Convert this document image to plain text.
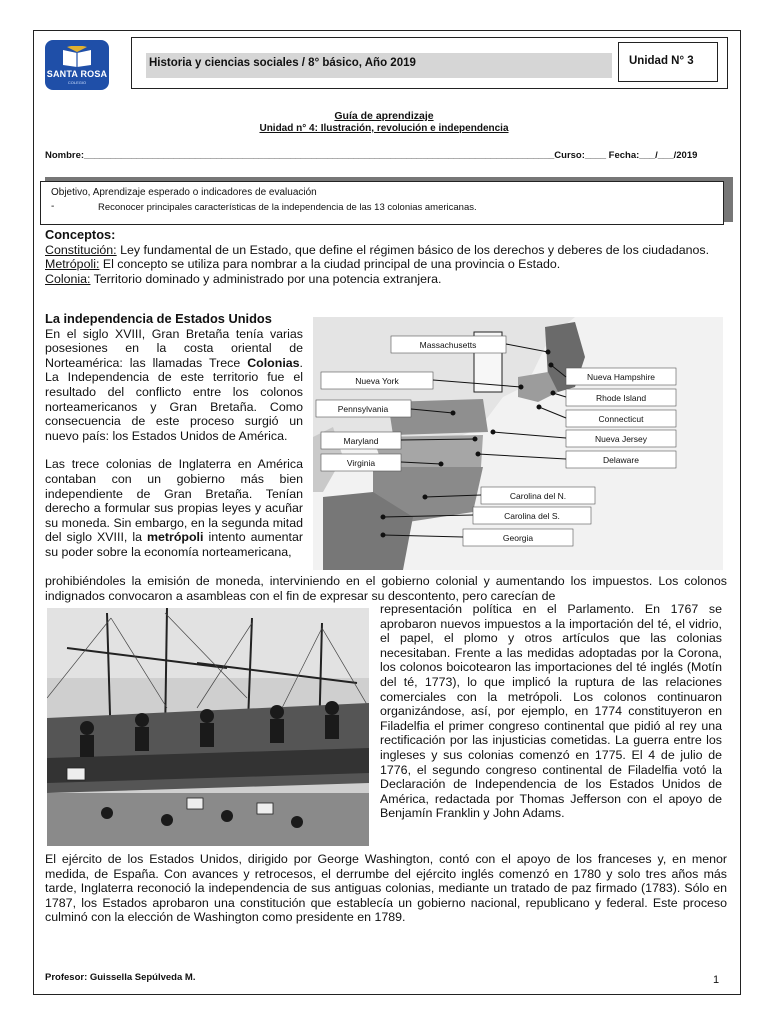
SANTA ROSA
COLEGIO
Historia y ciencias sociales / 8° básico, Año 2019	Unidad N° 3
Guía de aprendizaje
Unidad n° 4: Ilustración, revolución e independencia
Nombre:_________________________________________________________________________________________Curso:____ Fecha:___/___/2019
Objetivo, Aprendizaje esperado o indicadores de evaluación
-	Reconocer principales características de la independencia de las 13 colonias americanas.
Conceptos:
Constitución: Ley fundamental de un Estado, que define el régimen básico de los derechos y deberes de los ciudadanos.
Metrópoli: El concepto se utiliza para nombrar a la ciudad principal de una provincia o Estado.
Colonia: Territorio dominado y administrado por una potencia extranjera.
La independencia de Estados Unidos

En el siglo XVIII, Gran Bretaña tenía varias posesiones en la costa oriental de Norteamérica: las llamadas Trece Colonias. La Independencia de este territorio fue el resultado del conflicto entre los colonos norteamericanos y Gran Bretaña. Como consecuencia de este proceso surgió un nuevo país: los Estados Unidos de América.

Las trece colonias de Inglaterra en América contaban con un gobierno más bien independiente de Gran Bretaña. Tenían derecho a formular sus propias leyes y acuñar su moneda. Sin embargo, en la segunda mitad del siglo XVIII, la metrópoli intento aumentar su poder sobre la economía norteamericana,

Massachusetts
Nueva York	Nueva Hampshire
Rhode Island
Pennsylvania
Connecticut
Maryland	Nueva Jersey
Virginia	Delaware
Carolina del N.
Carolina del S.
Georgia
prohibiéndoles la emisión de moneda, interviniendo en el gobierno colonial y aumentando los impuestos. Los colonos indignados convocaron a asambleas con el fin de expresar su descontento, pero carecían de
representación política en el Parlamento. En 1767 se aprobaron nuevos impuestos a la importación del té, el vidrio, el papel, el plomo y otros artículos que las colonias necesitaban. Frente a las medidas adoptadas por la Corona, los colonos boicotearon las importaciones del té inglés (Motín del té, 1773), lo que implicó la ruptura de las relaciones comerciales con la metrópoli. Los colonos continuaron organizándose, así, por ejemplo, en 1774 constituyeron en Filadelfia el primer congreso continental que pidió al rey una rectificación por las injusticias cometidas. La guerra entre los ingleses y sus colonias comenzó en 1775. El 4 de julio de 1776, el segundo congreso continental de Filadelfia votó la Declaración de Independencia de los Estados Unidos de América, redactada por Thomas Jefferson con el apoyo de Benjamín Franklin y John Adams.
El ejército de los Estados Unidos, dirigido por George Washington, contó con el apoyo de los franceses y, en menor medida, de España. Con avances y retrocesos, el derrumbe del ejército inglés comenzó en 1780 y solo tres años más tarde, Inglaterra reconoció la independencia de sus antiguas colonias, mediante un tratado de paz firmado (1783). Sólo en 1787, los Estados aprobaron una constitución que establecía un gobierno nacional, republicano y federal. Este proceso culminó con la elección de Washington como presidente en 1789.
Profesor: Guissella Sepúlveda M.	1
